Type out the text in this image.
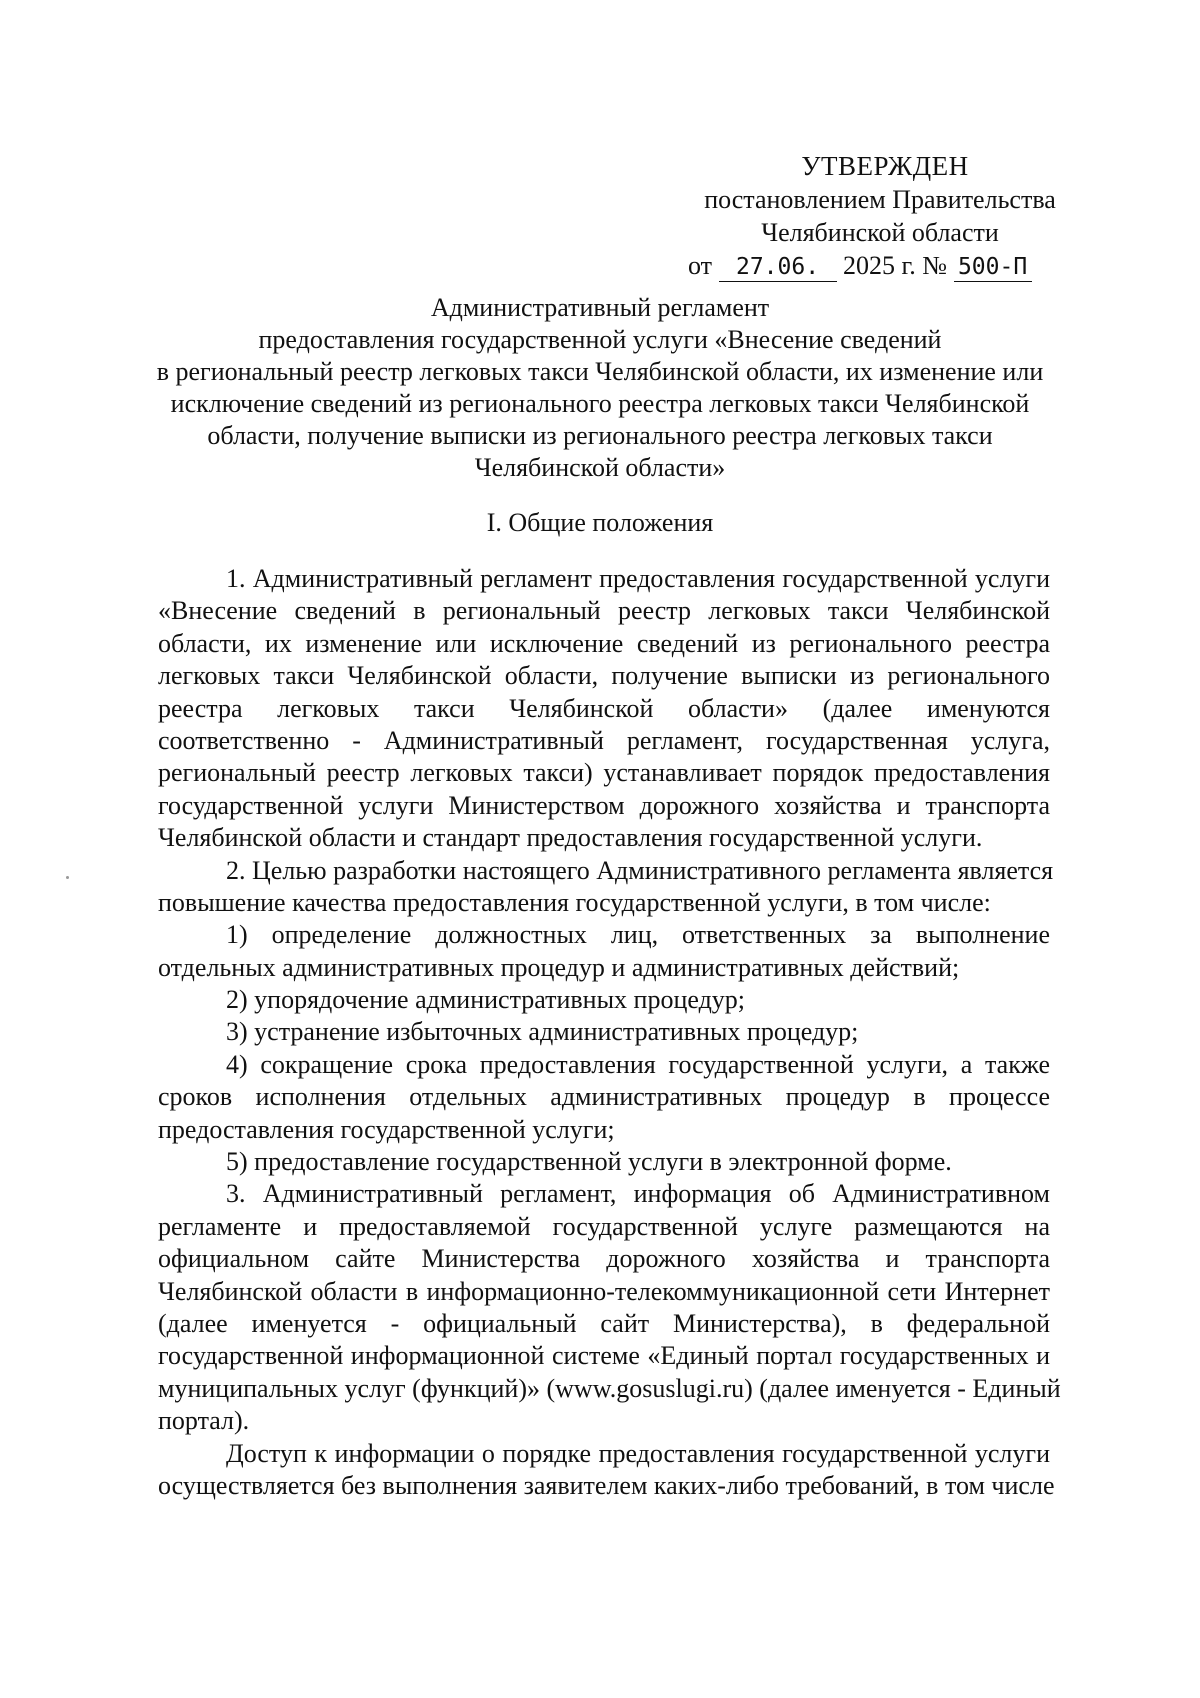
УТВЕРЖДЕН
постановлением Правительства
Челябинской области
от 27.06. 2025 г. № 500-П
Административный регламент
предоставления государственной услуги «Внесение сведений
в региональный реестр легковых такси Челябинской области, их изменение или
исключение сведений из регионального реестра легковых такси Челябинской
области, получение выписки из регионального реестра легковых такси
Челябинской области»
I. Общие положения
1. Административный регламент предоставления государственной услуги
«Внесение сведений в региональный реестр легковых такси Челябинской
области, их изменение или исключение сведений из регионального реестра
легковых такси Челябинской области, получение выписки из регионального
реестра легковых такси Челябинской области» (далее именуются
соответственно - Административный регламент, государственная услуга,
региональный реестр легковых такси) устанавливает порядок предоставления
государственной услуги Министерством дорожного хозяйства и транспорта
Челябинской области и стандарт предоставления государственной услуги.
2. Целью разработки настоящего Административного регламента является
повышение качества предоставления государственной услуги, в том числе:
1) определение должностных лиц, ответственных за выполнение
отдельных административных процедур и административных действий;
2) упорядочение административных процедур;
3) устранение избыточных административных процедур;
4) сокращение срока предоставления государственной услуги, а также
сроков исполнения отдельных административных процедур в процессе
предоставления государственной услуги;
5) предоставление государственной услуги в электронной форме.
3. Административный регламент, информация об Административном
регламенте и предоставляемой государственной услуге размещаются на
официальном сайте Министерства дорожного хозяйства и транспорта
Челябинской области в информационно-телекоммуникационной сети Интернет
(далее именуется - официальный сайт Министерства), в федеральной
государственной информационной системе «Единый портал государственных и
муниципальных услуг (функций)» (www.gosuslugi.ru) (далее именуется - Единый
портал).
Доступ к информации о порядке предоставления государственной услуги
осуществляется без выполнения заявителем каких-либо требований, в том числе
